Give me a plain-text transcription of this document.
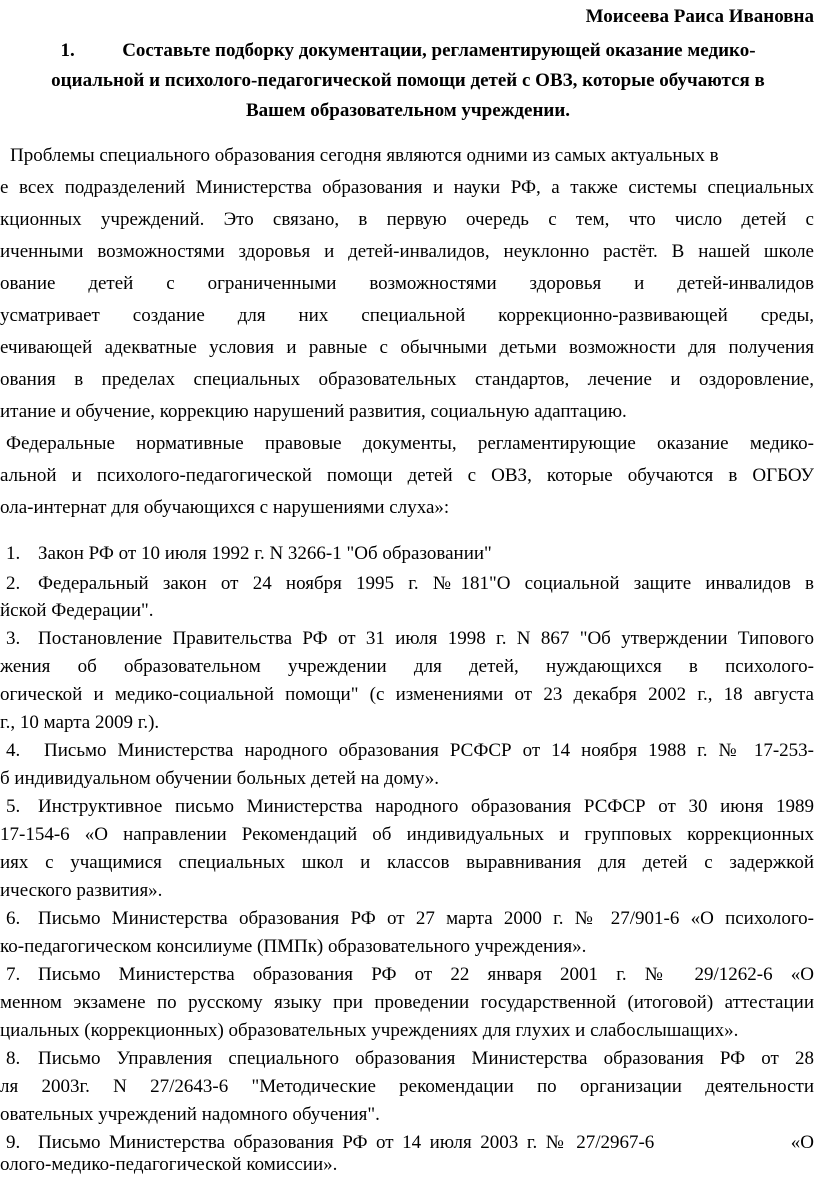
Моисеева Раиса Ивановна
1.          Составьте подборку документации, регламентирующей оказание медико-
оциальной и психолого-педагогической помощи детей с ОВЗ, которые обучаются в
Вашем образовательном учреждении.
Проблемы специального образования сегодня являются одними из самых актуальных в
е всех подразделений Министерства образования и науки РФ, а также системы специальных
кционных учреждений. Это связано, в первую очередь с тем, что число детей с
иченными возможностями здоровья и детей-инвалидов, неуклонно растёт. В нашей школе
ование детей с ограниченными возможностями здоровья и детей-инвалидов
усматривает создание для них специальной коррекционно-развивающей среды,
ечивающей адекватные условия и равные с обычными детьми возможности для получения
ования в пределах специальных образовательных стандартов, лечение и оздоровление,
итание и обучение, коррекцию нарушений развития, социальную адаптацию.
Федеральные нормативные правовые документы, регламентирующие оказание медико-
альной и психолого-педагогической помощи детей с ОВЗ, которые обучаются в ОГБОУ
ола-интернат для обучающихся с нарушениями слуха»:
1. Закон РФ от 10 июля 1992 г. N 3266-1 "Об образовании"
2. Федеральный закон от 24 ноября 1995 г. №181"О социальной защите инвалидов в
йской Федерации".
3. Постановление Правительства РФ от 31 июля 1998 г. N 867 "Об утверждении Типового
жения об образовательном учреждении для детей, нуждающихся в психолого-
огической и медико-социальной помощи" (с изменениями от 23 декабря 2002 г., 18 августа
г., 10 марта 2009 г.).
4. Письмо Министерства народного образования РСФСР от 14 ноября 1988 г. № 17-253-
б индивидуальном обучении больных детей на дому».
5. Инструктивное письмо Министерства народного образования РСФСР от 30 июня 1989
17-154-6 «О направлении Рекомендаций об индивидуальных и групповых коррекционных
иях с учащимися специальных школ и классов выравнивания для детей с задержкой
ического развития».
6. Письмо Министерства образования РФ от 27 марта 2000 г. № 27/901-6 «О психолого-
ко-педагогическом консилиуме (ПМПк) образовательного учреждения».
7. Письмо Министерства образования РФ от 22 января 2001 г. № 29/1262-6 «О
менном экзамене по русскому языку при проведении государственной (итоговой) аттестации
циальных (коррекционных) образовательных учреждениях для глухих и слабослышащих».
8. Письмо Управления специального образования Министерства образования РФ от 28
ля 2003г. N 27/2643-6 "Методические рекомендации по организации деятельности
овательных учреждений надомного обучения".
9. Письмо Министерства образования РФ от 14 июля 2003 г. № 27/2967-6                «О
олого-медико-педагогической комиссии».
